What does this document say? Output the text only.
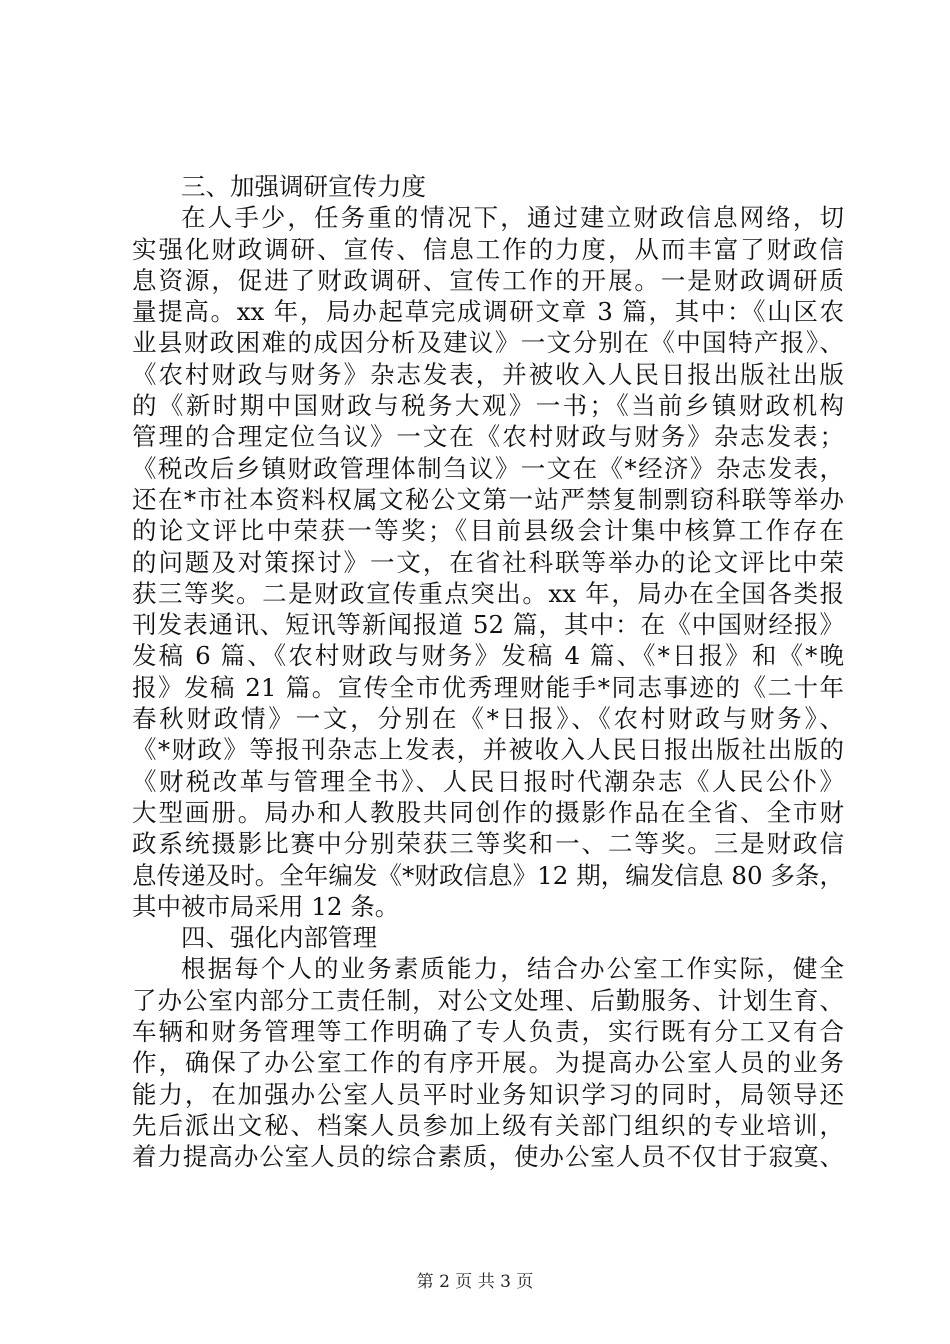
三、加强调研宣传力度
在人手少，任务重的情况下，通过建立财政信息网络，切
实强化财政调研、宣传、信息工作的力度，从而丰富了财政信
息资源，促进了财政调研、宣传工作的开展。一是财政调研质
量提高。xx 年，局办起草完成调研文章 3 篇，其中：《山区农
业县财政困难的成因分析及建议》一文分别在《中国特产报》、
《农村财政与财务》杂志发表，并被收入人民日报出版社出版
的《新时期中国财政与税务大观》一书；《当前乡镇财政机构
管理的合理定位刍议》一文在《农村财政与财务》杂志发表；
《税改后乡镇财政管理体制刍议》一文在《*经济》杂志发表，
还在*市社本资料权属文秘公文第一站严禁复制剽窃科联等举办
的论文评比中荣获一等奖；《目前县级会计集中核算工作存在
的问题及对策探讨》一文，在省社科联等举办的论文评比中荣
获三等奖。二是财政宣传重点突出。xx 年，局办在全国各类报
刊发表通讯、短讯等新闻报道 52 篇，其中：在《中国财经报》
发稿 6 篇、《农村财政与财务》发稿 4 篇、《*日报》和《*晚
报》发稿 21 篇。宣传全市优秀理财能手*同志事迹的《二十年
春秋财政情》一文，分别在《*日报》、《农村财政与财务》、
《*财政》等报刊杂志上发表，并被收入人民日报出版社出版的
《财税改革与管理全书》、人民日报时代潮杂志《人民公仆》
大型画册。局办和人教股共同创作的摄影作品在全省、全市财
政系统摄影比赛中分别荣获三等奖和一、二等奖。三是财政信
息传递及时。全年编发《*财政信息》12 期，编发信息 80 多条，
其中被市局采用 12 条。
四、强化内部管理
根据每个人的业务素质能力，结合办公室工作实际，健全
了办公室内部分工责任制，对公文处理、后勤服务、计划生育、
车辆和财务管理等工作明确了专人负责，实行既有分工又有合
作，确保了办公室工作的有序开展。为提高办公室人员的业务
能力，在加强办公室人员平时业务知识学习的同时，局领导还
先后派出文秘、档案人员参加上级有关部门组织的专业培训，
着力提高办公室人员的综合素质，使办公室人员不仅甘于寂寞、
第 2 页 共 3 页
